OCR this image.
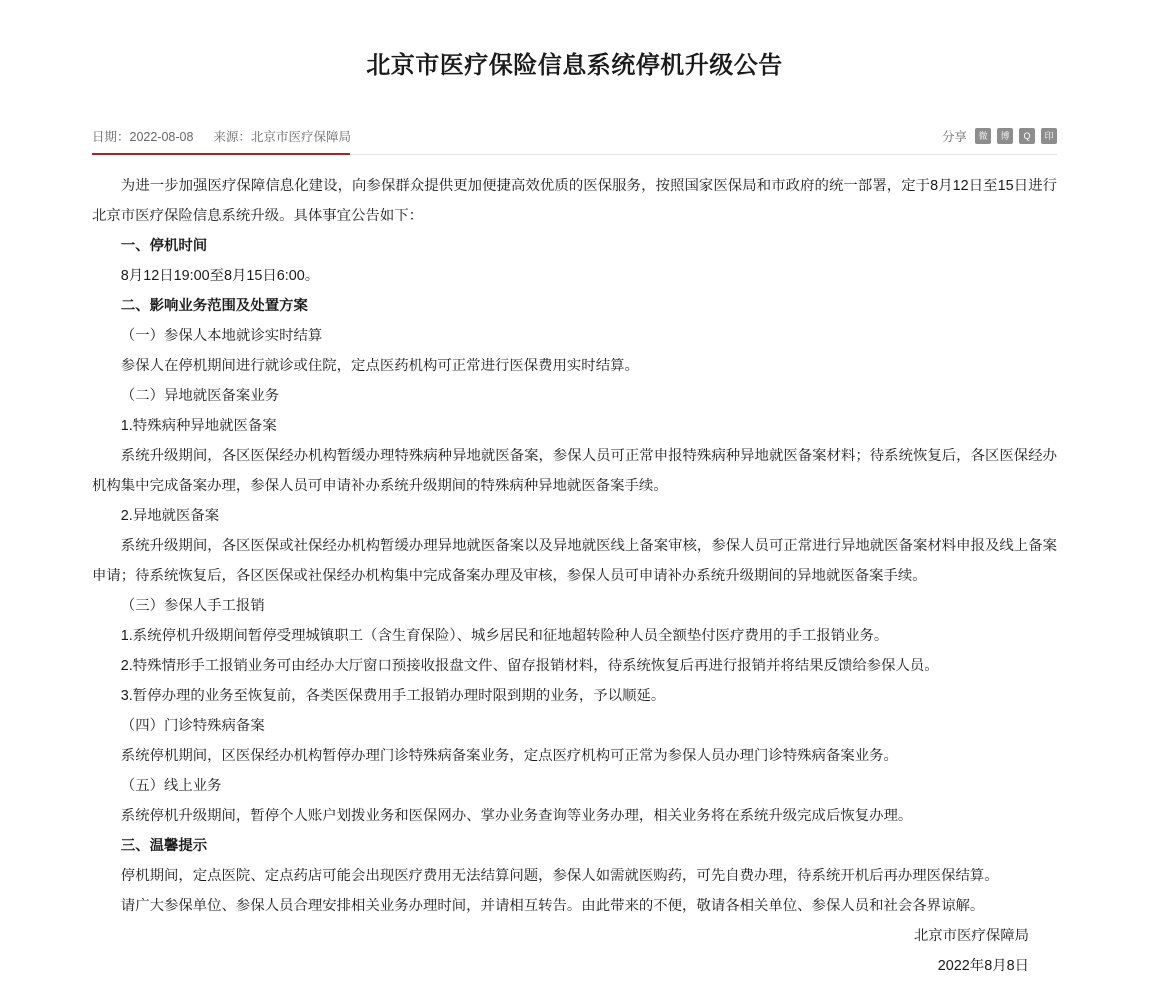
北京市医疗保险信息系统停机升级公告
日期：2022-08-08 来源：北京市医疗保障局	分享	微	博	Q	印

为进一步加强医疗保障信息化建设，向参保群众提供更加便捷高效优质的医保服务，按照国家医保局和市政府的统一部署，定于8月12日至15日进行北京市医疗保险信息系统升级。具体事宜公告如下：

一、停机时间

8月12日19:00至8月15日6:00。

二、影响业务范围及处置方案

（一）参保人本地就诊实时结算

参保人在停机期间进行就诊或住院，定点医药机构可正常进行医保费用实时结算。

（二）异地就医备案业务

1.特殊病种异地就医备案

系统升级期间，各区医保经办机构暂缓办理特殊病种异地就医备案，参保人员可正常申报特殊病种异地就医备案材料；待系统恢复后，各区医保经办机构集中完成备案办理，参保人员可申请补办系统升级期间的特殊病种异地就医备案手续。

2.异地就医备案

系统升级期间，各区医保或社保经办机构暂缓办理异地就医备案以及异地就医线上备案审核，参保人员可正常进行异地就医备案材料申报及线上备案申请；待系统恢复后，各区医保或社保经办机构集中完成备案办理及审核，参保人员可申请补办系统升级期间的异地就医备案手续。

（三）参保人手工报销

1.系统停机升级期间暂停受理城镇职工（含生育保险）、城乡居民和征地超转险种人员全额垫付医疗费用的手工报销业务。

2.特殊情形手工报销业务可由经办大厅窗口预接收报盘文件、留存报销材料，待系统恢复后再进行报销并将结果反馈给参保人员。

3.暂停办理的业务至恢复前，各类医保费用手工报销办理时限到期的业务，予以顺延。

（四）门诊特殊病备案

系统停机期间，区医保经办机构暂停办理门诊特殊病备案业务，定点医疗机构可正常为参保人员办理门诊特殊病备案业务。

（五）线上业务

系统停机升级期间，暂停个人账户划拨业务和医保网办、掌办业务查询等业务办理，相关业务将在系统升级完成后恢复办理。

三、温馨提示

停机期间，定点医院、定点药店可能会出现医疗费用无法结算问题，参保人如需就医购药，可先自费办理，待系统开机后再办理医保结算。

请广大参保单位、参保人员合理安排相关业务办理时间，并请相互转告。由此带来的不便，敬请各相关单位、参保人员和社会各界谅解。

北京市医疗保障局

2022年8月8日
